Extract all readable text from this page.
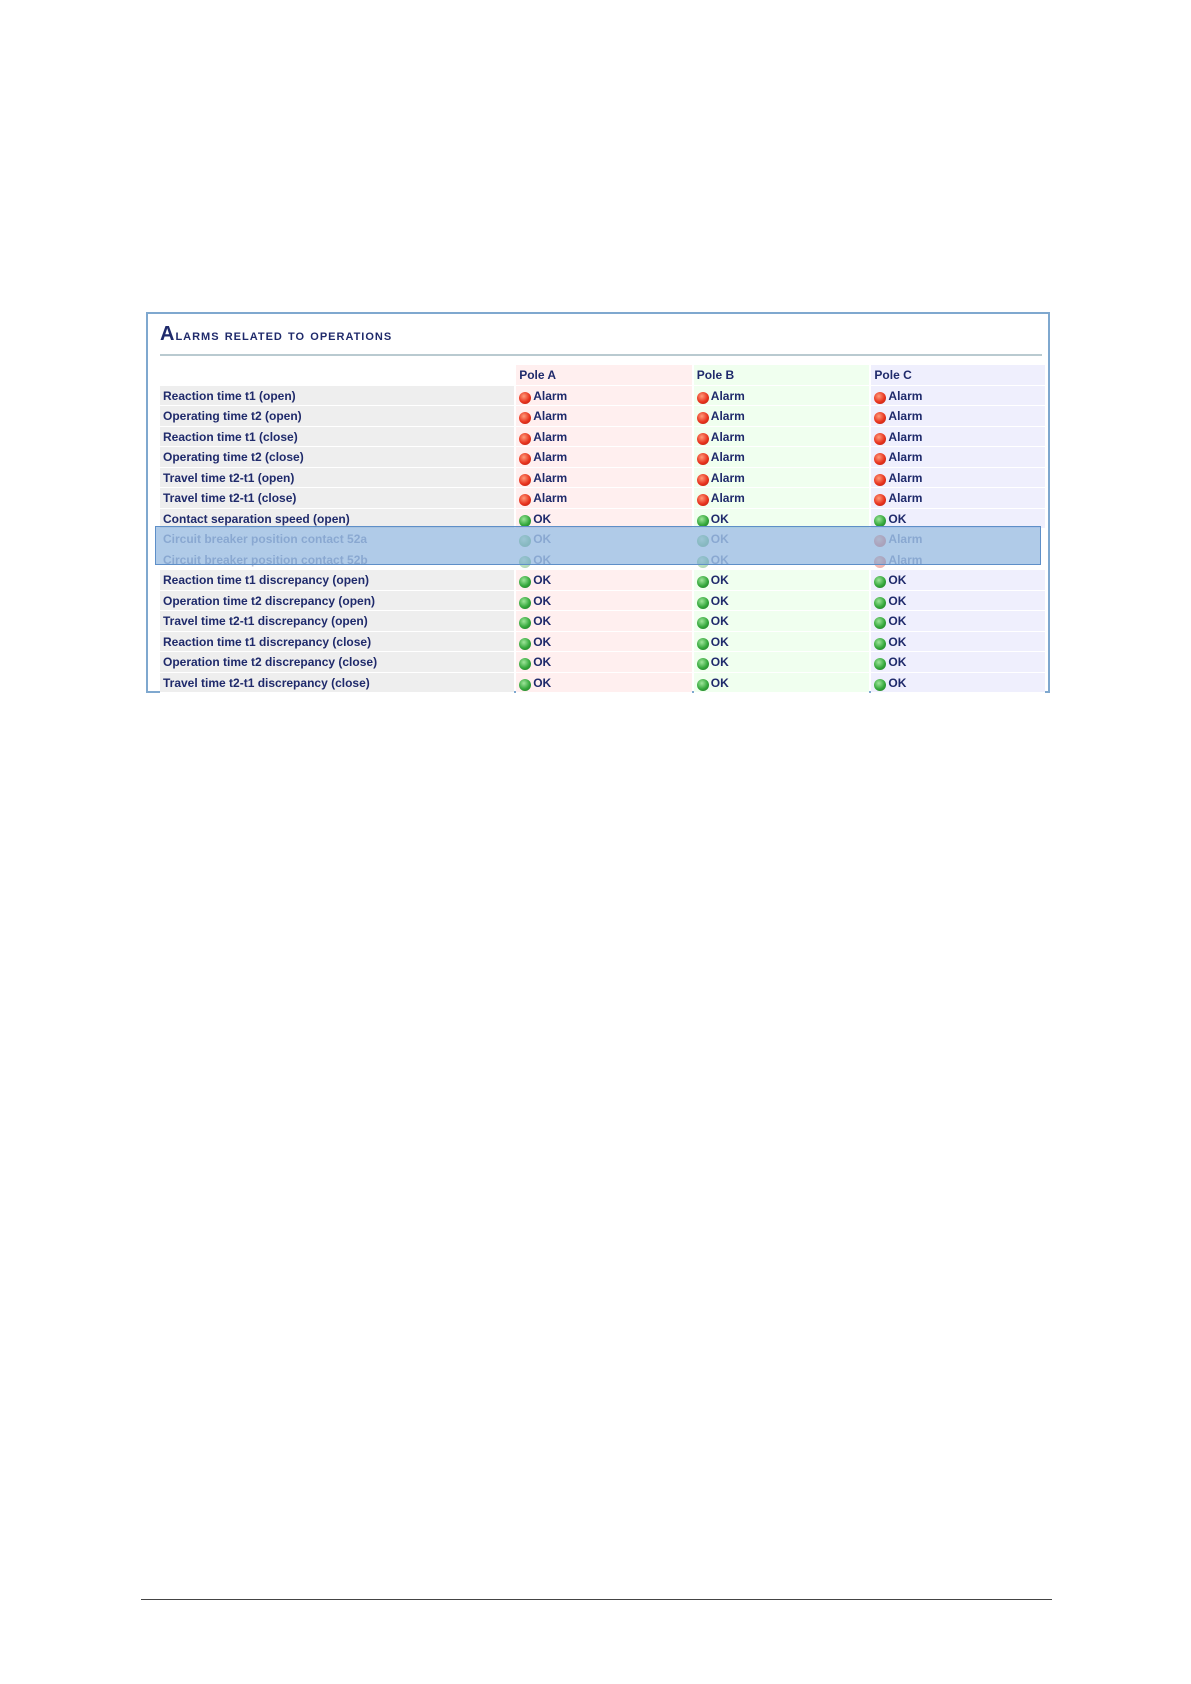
Alarms related to operations
Pole A	Pole B	Pole C
Reaction time t1 (open)	Alarm	Alarm	Alarm
Operating time t2 (open)	Alarm	Alarm	Alarm
Reaction time t1 (close)	Alarm	Alarm	Alarm
Operating time t2 (close)	Alarm	Alarm	Alarm
Travel time t2-t1 (open)	Alarm	Alarm	Alarm
Travel time t2-t1 (close)	Alarm	Alarm	Alarm
Contact separation speed (open)	OK	OK	OK
Circuit breaker position contact 52a	OK	OK	Alarm
Circuit breaker position contact 52b	OK	OK	Alarm
Reaction time t1 discrepancy (open)	OK	OK	OK
Operation time t2 discrepancy (open)	OK	OK	OK
Travel time t2-t1 discrepancy (open)	OK	OK	OK
Reaction time t1 discrepancy (close)	OK	OK	OK
Operation time t2 discrepancy (close)	OK	OK	OK
Travel time t2-t1 discrepancy (close)	OK	OK	OK
